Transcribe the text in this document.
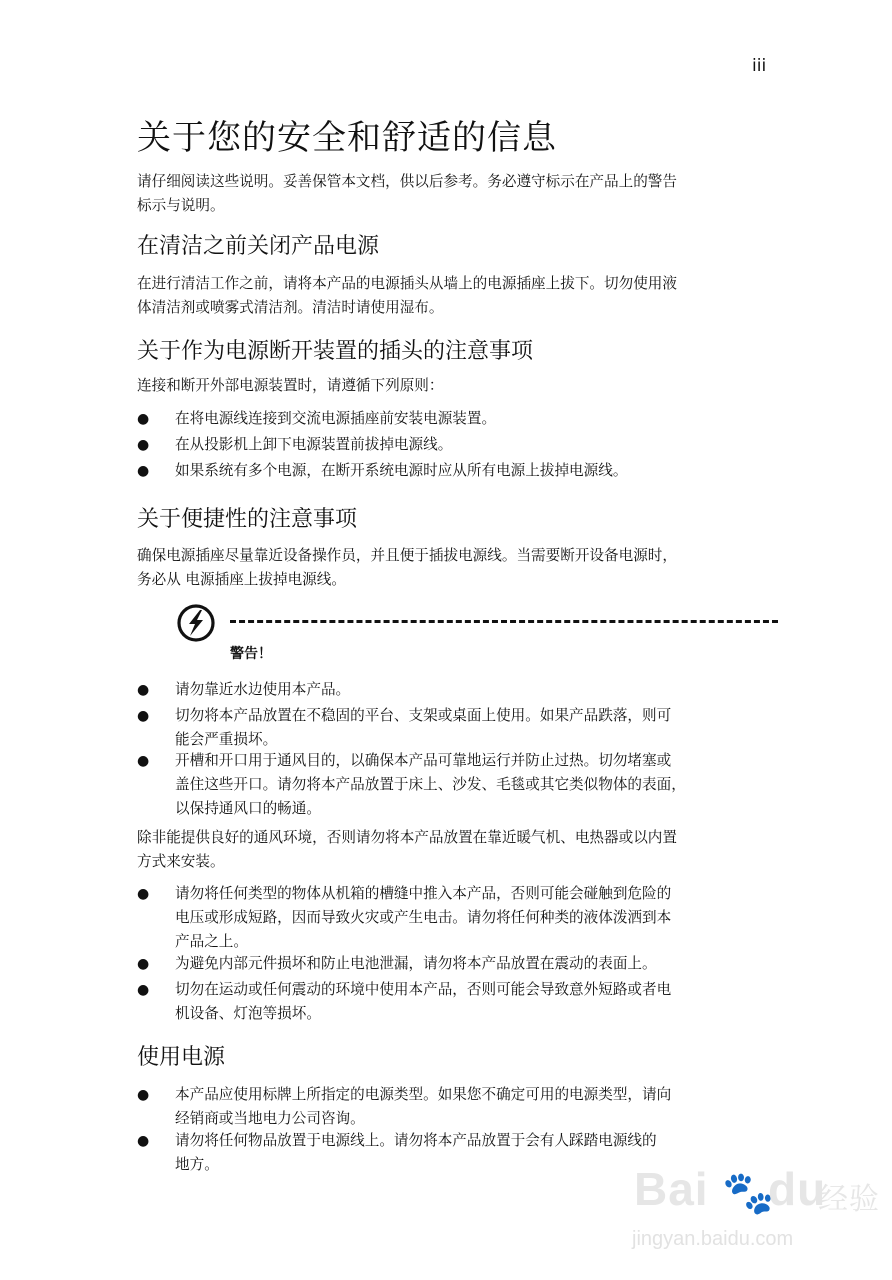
iii
关于您的安全和舒适的信息
请仔细阅读这些说明。妥善保管本文档，供以后参考。务必遵守标示在产品上的警告
标示与说明。
在清洁之前关闭产品电源
在进行清洁工作之前，请将本产品的电源插头从墙上的电源插座上拔下。切勿使用液
体清洁剂或喷雾式清洁剂。清洁时请使用湿布。
关于作为电源断开装置的插头的注意事项
连接和断开外部电源装置时，请遵循下列原则：
●	在将电源线连接到交流电源插座前安装电源装置。
●	在从投影机上卸下电源装置前拔掉电源线。
●	如果系统有多个电源，在断开系统电源时应从所有电源上拔掉电源线。
关于便捷性的注意事项
确保电源插座尽量靠近设备操作员，并且便于插拔电源线。当需要断开设备电源时，
务必从 电源插座上拔掉电源线。
警告！
●	请勿靠近水边使用本产品。
●	切勿将本产品放置在不稳固的平台、支架或桌面上使用。如果产品跌落，则可
能会严重损坏。
●	开槽和开口用于通风目的，以确保本产品可靠地运行并防止过热。切勿堵塞或
盖住这些开口。请勿将本产品放置于床上、沙发、毛毯或其它类似物体的表面，
以保持通风口的畅通。
除非能提供良好的通风环境，否则请勿将本产品放置在靠近暖气机、电热器或以内置
方式来安装。
●	请勿将任何类型的物体从机箱的槽缝中推入本产品，否则可能会碰触到危险的
电压或形成短路，因而导致火灾或产生电击。请勿将任何种类的液体泼洒到本
产品之上。
●	为避免内部元件损坏和防止电池泄漏，请勿将本产品放置在震动的表面上。
●	切勿在运动或任何震动的环境中使用本产品，否则可能会导致意外短路或者电
机设备、灯泡等损坏。
使用电源
●	本产品应使用标牌上所指定的电源类型。如果您不确定可用的电源类型，请向
经销商或当地电力公司咨询。
●	请勿将任何物品放置于电源线上。请勿将本产品放置于会有人踩踏电源线的
地方。	Bai 🐾
du
经验
jingyan.baidu.com
